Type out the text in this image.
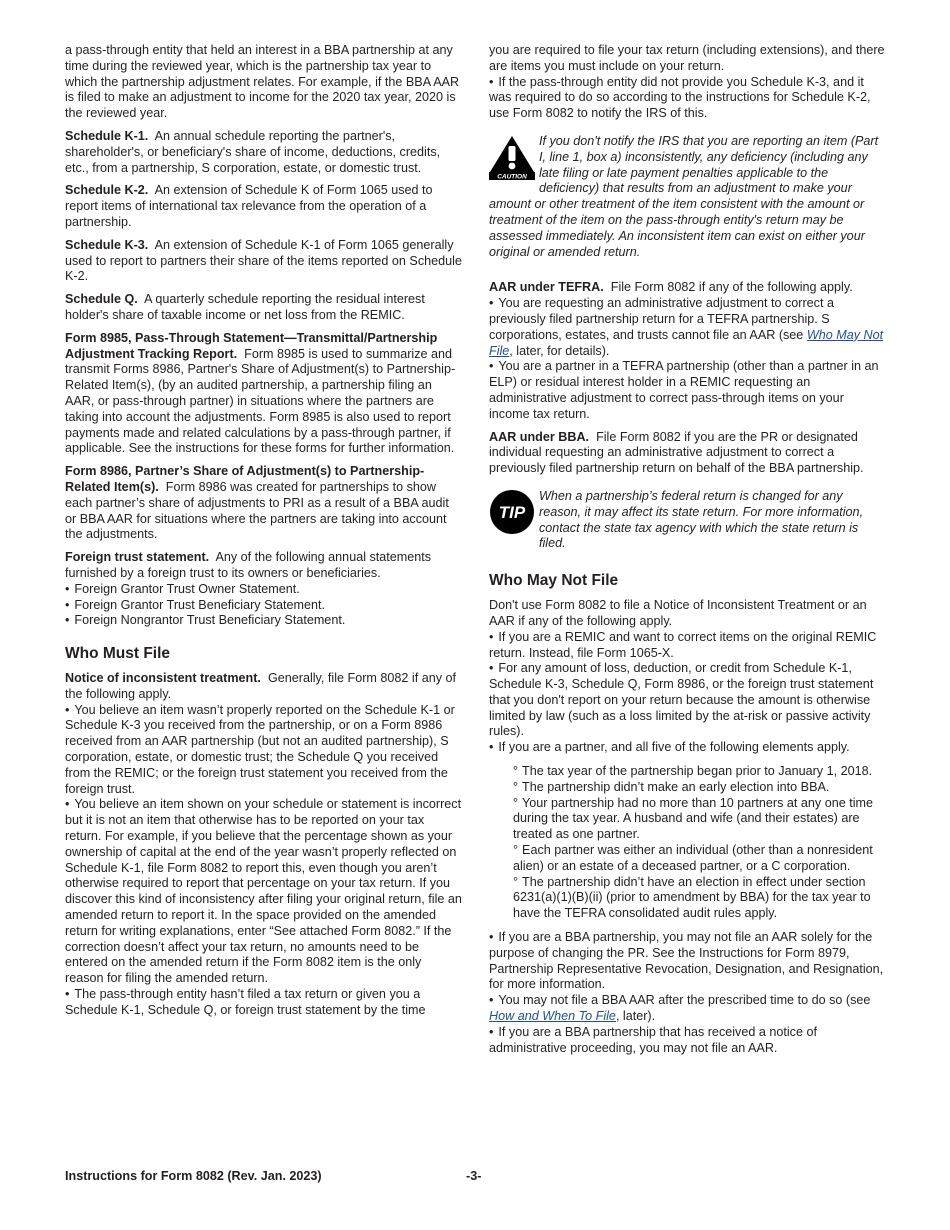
a pass-through entity that held an interest in a BBA partnership at any time during the reviewed year, which is the partnership tax year to which the partnership adjustment relates. For example, if the BBA AAR is filed to make an adjustment to income for the 2020 tax year, 2020 is the reviewed year.

Schedule K-1. An annual schedule reporting the partner's, shareholder's, or beneficiary's share of income, deductions, credits, etc., from a partnership, S corporation, estate, or domestic trust.

Schedule K-2. An extension of Schedule K of Form 1065 used to report items of international tax relevance from the operation of a partnership.

Schedule K-3. An extension of Schedule K-1 of Form 1065 generally used to report to partners their share of the items reported on Schedule K-2.

Schedule Q. A quarterly schedule reporting the residual interest holder's share of taxable income or net loss from the REMIC.

Form 8985, Pass-Through Statement—Transmittal/Partnership Adjustment Tracking Report. Form 8985 is used to summarize and transmit Forms 8986, Partner's Share of Adjustment(s) to Partnership-Related Item(s), (by an audited partnership, a partnership filing an AAR, or pass-through partner) in situations where the partners are taking into account the adjustments. Form 8985 is also used to report payments made and related calculations by a pass-through partner, if applicable. See the instructions for these forms for further information.

Form 8986, Partner’s Share of Adjustment(s) to Partnership-Related Item(s). Form 8986 was created for partnerships to show each partner’s share of adjustments to PRI as a result of a BBA audit or BBA AAR for situations where the partners are taking into account the adjustments.

Foreign trust statement. Any of the following annual statements furnished by a foreign trust to its owners or beneficiaries.

• Foreign Grantor Trust Owner Statement.
• Foreign Grantor Trust Beneficiary Statement.
• Foreign Nongrantor Trust Beneficiary Statement.
Who Must File

Notice of inconsistent treatment. Generally, file Form 8082 if any of the following apply.

• You believe an item wasn’t properly reported on the Schedule K-1 or Schedule K-3 you received from the partnership, or on a Form 8986 received from an AAR partnership (but not an audited partnership), S corporation, estate, or domestic trust; the Schedule Q you received from the REMIC; or the foreign trust statement you received from the foreign trust.
• You believe an item shown on your schedule or statement is incorrect but it is not an item that otherwise has to be reported on your tax return. For example, if you believe that the percentage shown as your ownership of capital at the end of the year wasn’t properly reflected on Schedule K-1, file Form 8082 to report this, even though you aren’t otherwise required to report that percentage on your tax return. If you discover this kind of inconsistency after filing your original return, file an amended return to report it. In the space provided on the amended return for writing explanations, enter “See attached Form 8082.” If the correction doesn’t affect your tax return, no amounts need to be entered on the amended return if the Form 8082 item is the only reason for filing the amended return.
• The pass-through entity hasn’t filed a tax return or given you a Schedule K-1, Schedule Q, or foreign trust statement by the time

you are required to file your tax return (including extensions), and there are items you must include on your return.

• If the pass-through entity did not provide you Schedule K-3, and it was required to do so according to the instructions for Schedule K-2, use Form 8082 to notify the IRS of this.
CAUTION
If you don't notify the IRS that you are reporting an item (Part I, line 1, box a) inconsistently, any deficiency (including any late filing or late payment penalties applicable to the deficiency) that results from an adjustment to make your amount or other treatment of the item consistent with the amount or treatment of the item on the pass-through entity's return may be assessed immediately. An inconsistent item can exist on either your original or amended return.

AAR under TEFRA. File Form 8082 if any of the following apply.

• You are requesting an administrative adjustment to correct a previously filed partnership return for a TEFRA partnership. S corporations, estates, and trusts cannot file an AAR (see Who May Not File, later, for details).
• You are a partner in a TEFRA partnership (other than a partner in an ELP) or residual interest holder in a REMIC requesting an administrative adjustment to correct pass-through items on your income tax return.

AAR under BBA. File Form 8082 if you are the PR or designated individual requesting an administrative adjustment to correct a previously filed partnership return on behalf of the BBA partnership.

TIP
When a partnership’s federal return is changed for any reason, it may affect its state return. For more information, contact the state tax agency with which the state return is filed.
Who May Not File

Don't use Form 8082 to file a Notice of Inconsistent Treatment or an AAR if any of the following apply.

• If you are a REMIC and want to correct items on the original REMIC return. Instead, file Form 1065-X.
• For any amount of loss, deduction, or credit from Schedule K-1, Schedule K-3, Schedule Q, Form 8986, or the foreign trust statement that you don't report on your return because the amount is otherwise limited by law (such as a loss limited by the at-risk or passive activity rules).
• If you are a partner, and all five of the following elements apply.
° The tax year of the partnership began prior to January 1, 2018.
° The partnership didn’t make an early election into BBA.
° Your partnership had no more than 10 partners at any one time during the tax year. A husband and wife (and their estates) are treated as one partner.
° Each partner was either an individual (other than a nonresident alien) or an estate of a deceased partner, or a C corporation.
° The partnership didn’t have an election in effect under section 6231(a)(1)(B)(ii) (prior to amendment by BBA) for the tax year to have the TEFRA consolidated audit rules apply.
• If you are a BBA partnership, you may not file an AAR solely for the purpose of changing the PR. See the Instructions for Form 8979, Partnership Representative Revocation, Designation, and Resignation, for more information.
• You may not file a BBA AAR after the prescribed time to do so (see How and When To File, later).
• If you are a BBA partnership that has received a notice of administrative proceeding, you may not file an AAR.
Instructions for Form 8082 (Rev. Jan. 2023)	-3-
